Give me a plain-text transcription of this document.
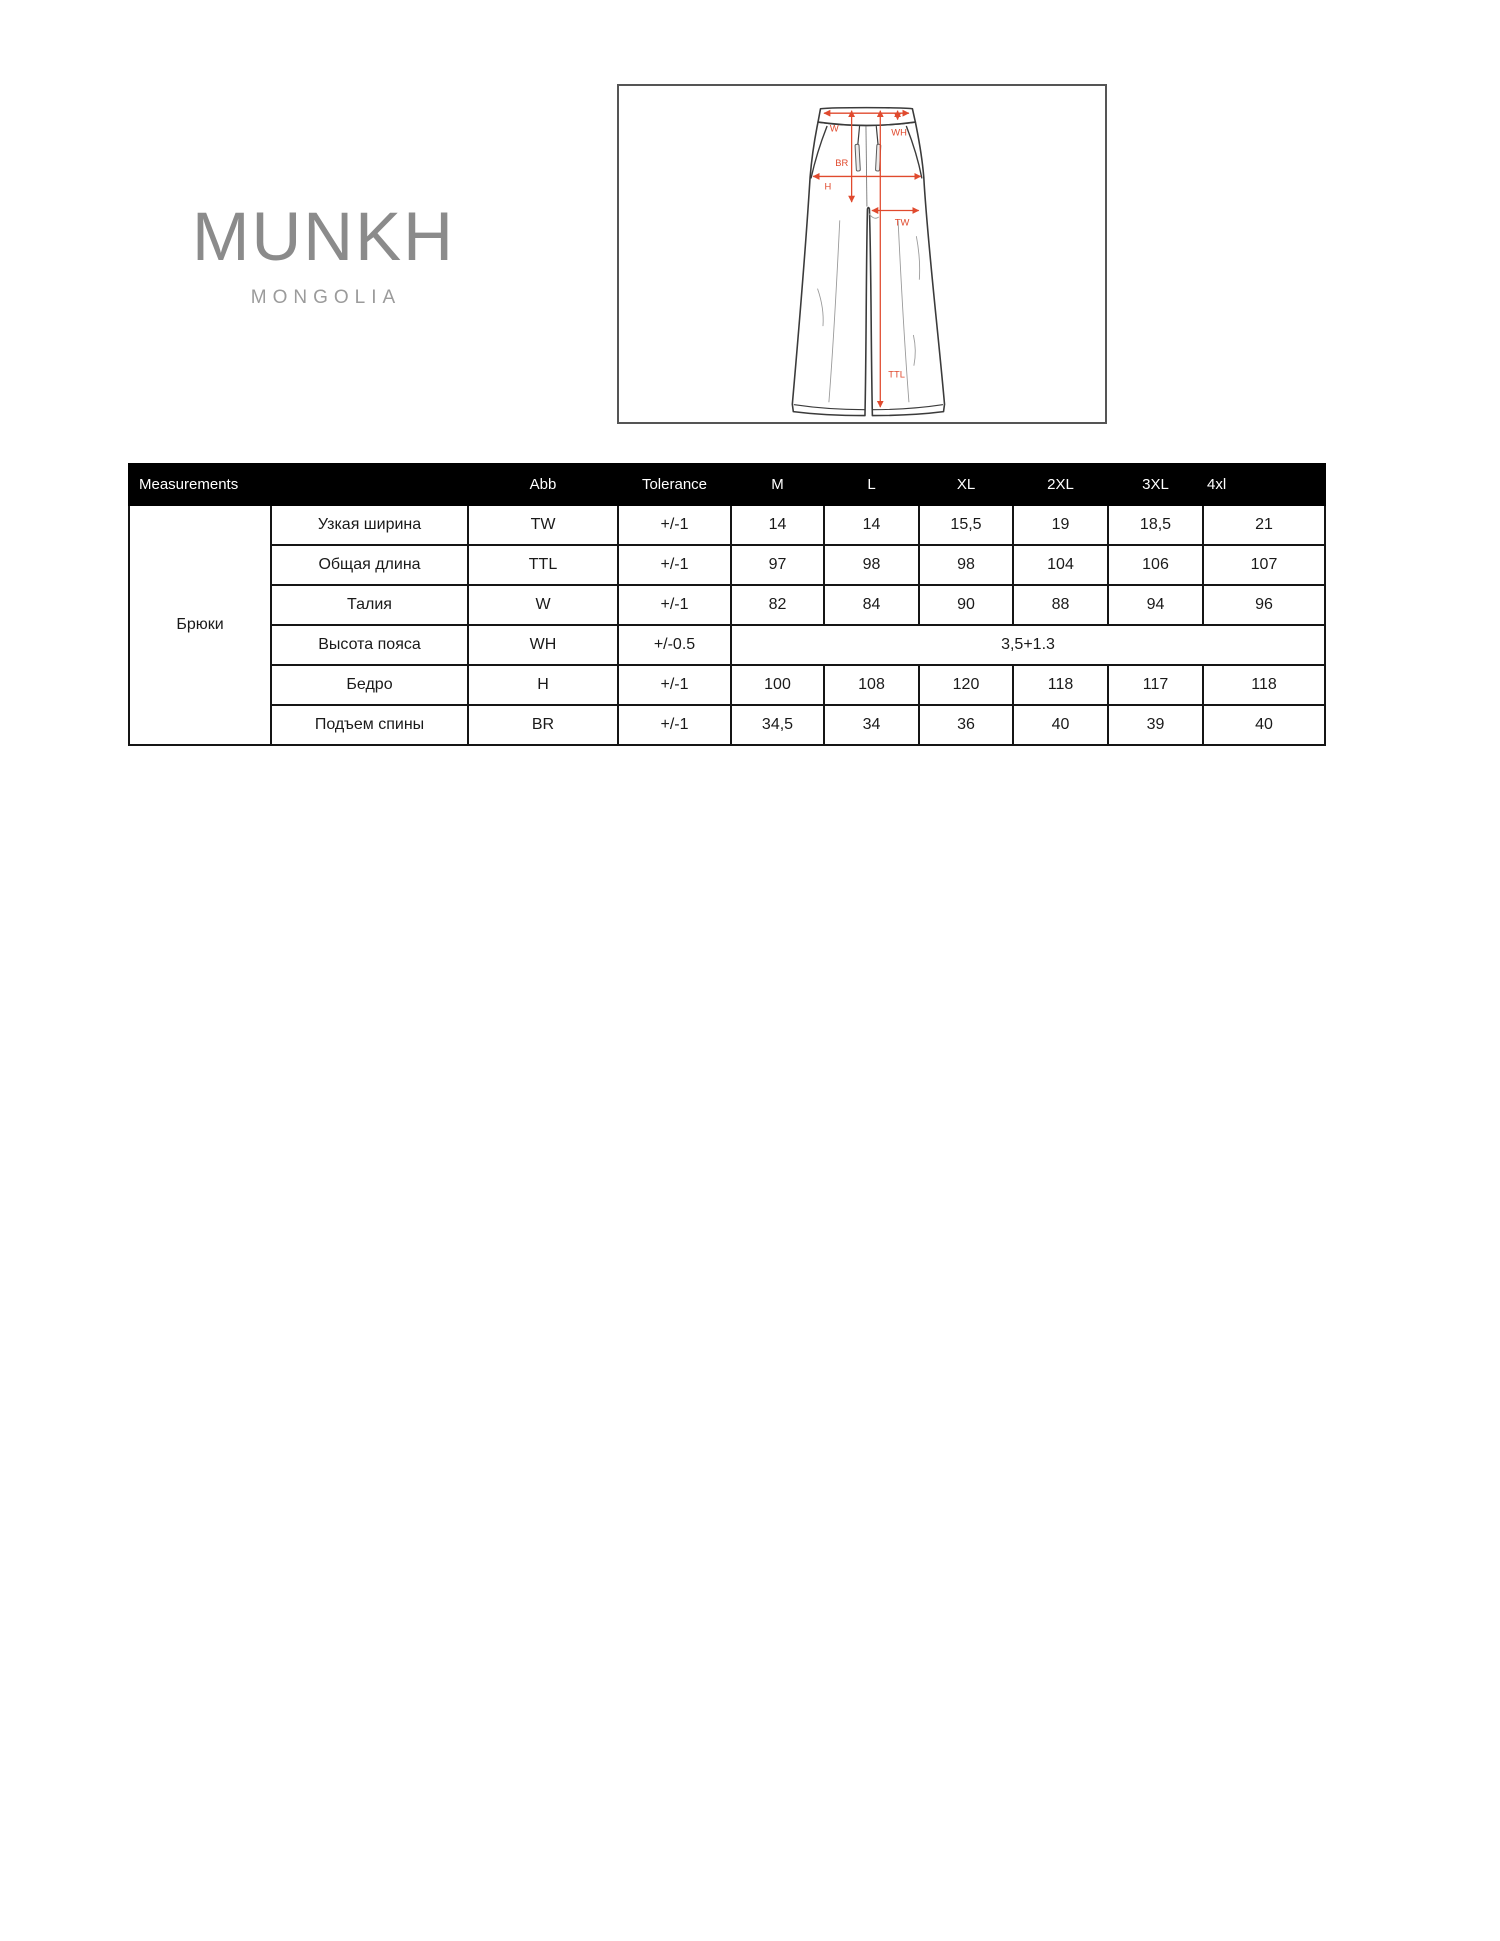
MUNKH
MONGOLIA
W	WH
BR
H
TW
TTL
Measurements		Abb	Tolerance	M	L	XL	2XL	3XL	4xl
Брюки	Узкая ширина	TW	+/-1	14	14	15,5	19	18,5	21
	Общая длина	TTL	+/-1	97	98	98	104	106	107
	Талия	W	+/-1	82	84	90	88	94	96
	Высота пояса	WH	+/-0.5	3,5+1.3					
	Бедро	H	+/-1	100	108	120	118	117	118
	Подъем спины	BR	+/-1	34,5	34	36	40	39	40
